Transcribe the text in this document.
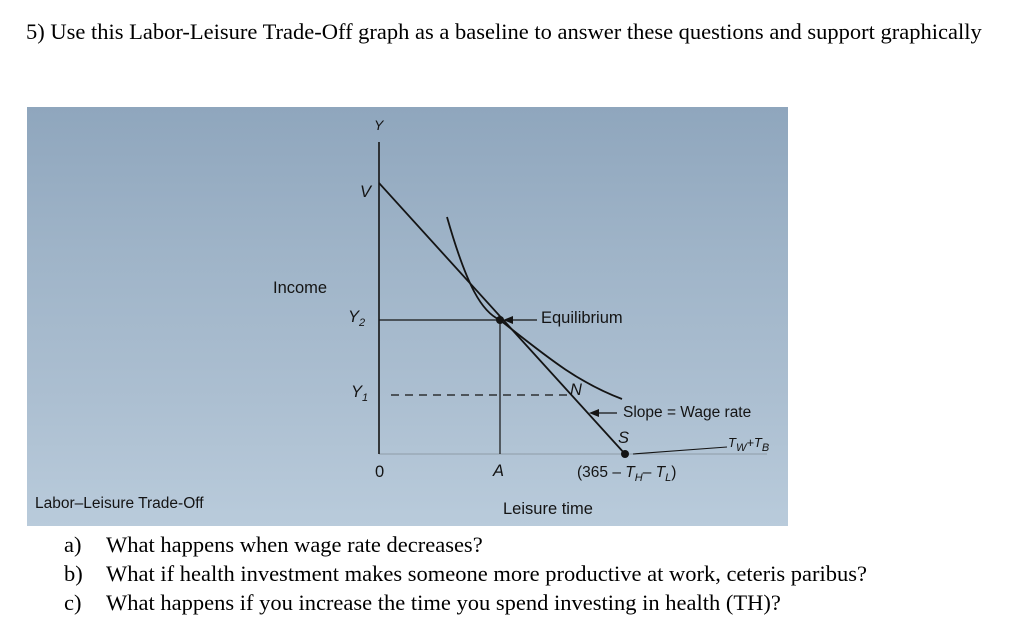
5) Use this Labor-Leisure Trade-Off graph as a baseline to answer these questions and support graphically
Y
Income
V
$Y_2$
$Y_1$
0	A
N
S
Equilibrium
Slope = Wage rate
($365 - T_H-$ $T_L$)
$T_W+T_B$
Labor–Leisure Trade-Off	Leisure time
a)	What happens when wage rate decreases?
b)	What if health investment makes someone more productive at work, ceteris paribus?
c)	What happens if you increase the time you spend investing in health (TH)?
